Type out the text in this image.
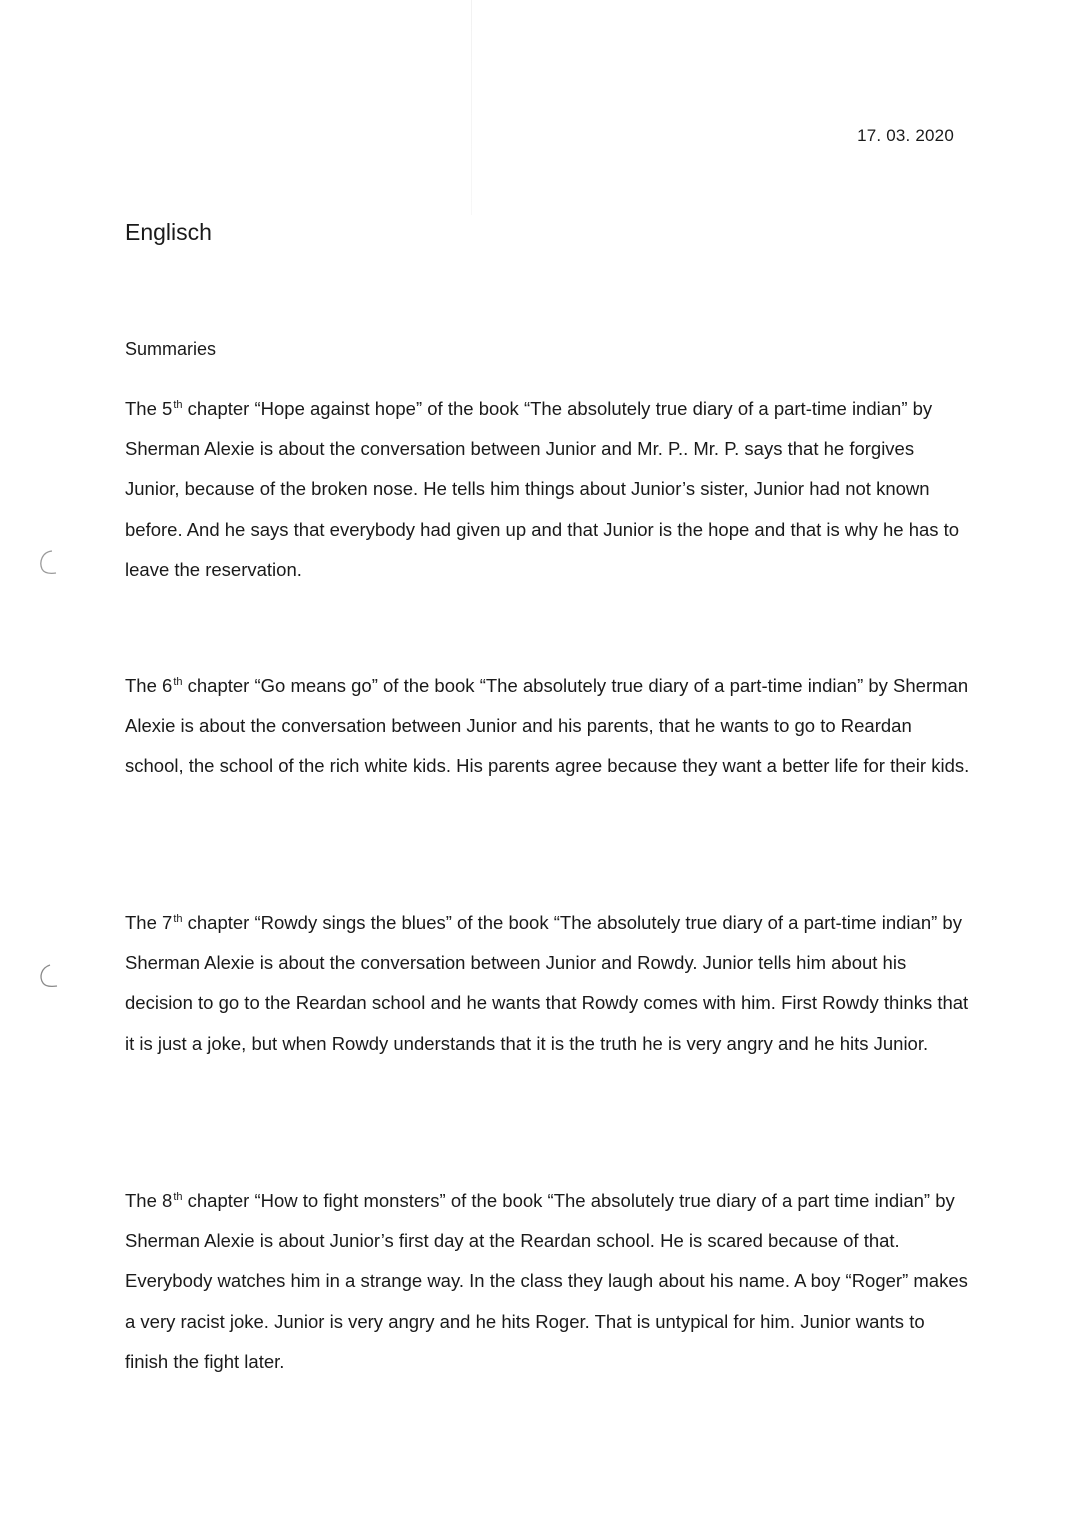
17. 03. 2020
Englisch
Summaries

The 5th chapter “Hope against hope” of the book “The absolutely true diary of a part-time indian” by Sherman Alexie is about the conversation between Junior and Mr. P.. Mr. P. says that he forgives Junior, because of the broken nose. He tells him things about Junior’s sister, Junior had not known before. And he says that everybody had given up and that Junior is the hope and that is why he has to leave the reservation.

The 6th chapter “Go means go” of the book “The absolutely true diary of a part-time indian” by Sherman Alexie is about the conversation between Junior and his parents, that he wants to go to Reardan school, the school of the rich white kids. His parents agree because they want a better life for their kids.

The 7th chapter “Rowdy sings the blues” of the book “The absolutely true diary of a part-time indian” by Sherman Alexie is about the conversation between Junior and Rowdy. Junior tells him about his decision to go to the Reardan school and he wants that Rowdy comes with him. First Rowdy thinks that it is just a joke, but when Rowdy understands that it is the truth he is very angry and he hits Junior.

The 8th chapter “How to fight monsters” of the book “The absolutely true diary of a part time indian” by Sherman Alexie is about Junior’s first day at the Reardan school. He is scared because of that. Everybody watches him in a strange way. In the class they laugh about his name. A boy “Roger” makes a very racist joke. Junior is very angry and he hits Roger. That is untypical for him. Junior wants to finish the fight later.
